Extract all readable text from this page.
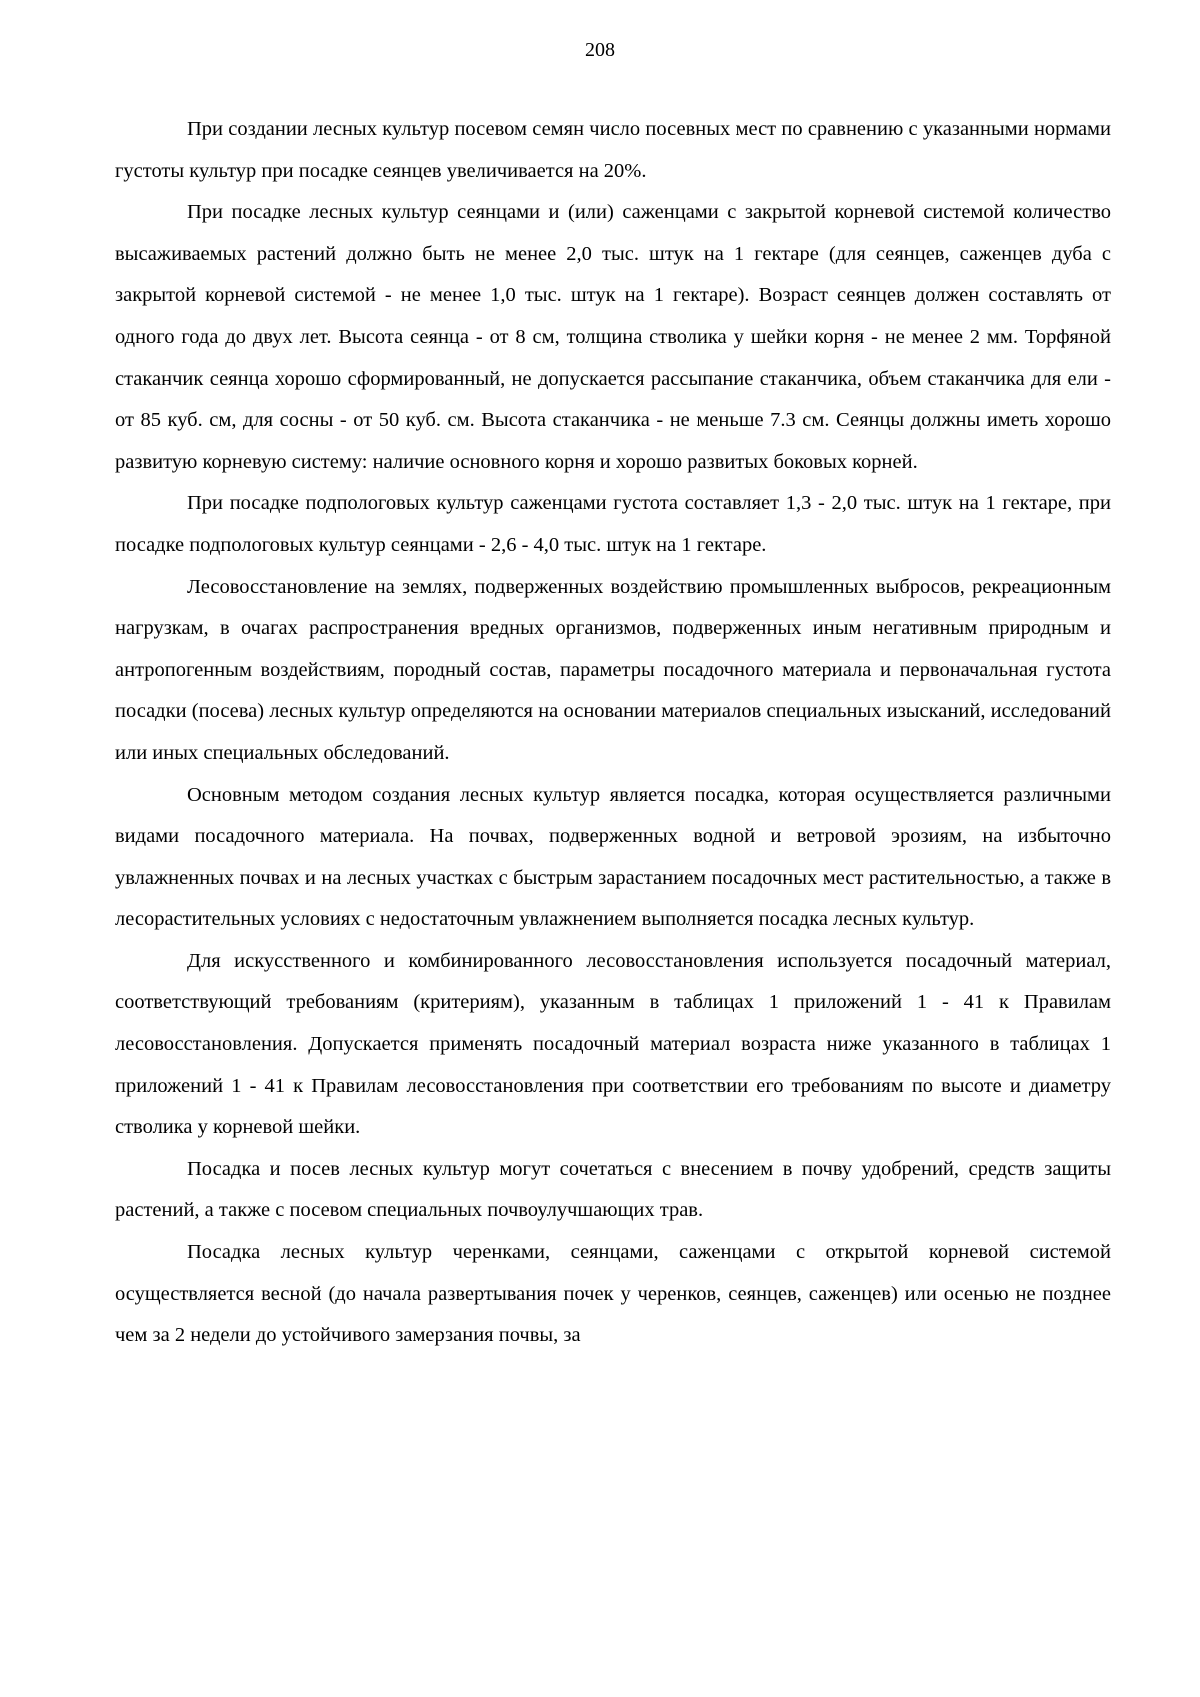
208

При создании лесных культур посевом семян число посевных мест по сравнению с указанными нормами густоты культур при посадке сеянцев увеличивается на 20%.

При посадке лесных культур сеянцами и (или) саженцами с закрытой корневой системой количество высаживаемых растений должно быть не менее 2,0 тыс. штук на 1 гектаре (для сеянцев, саженцев дуба с закрытой корневой системой - не менее 1,0 тыс. штук на 1 гектаре). Возраст сеянцев должен составлять от одного года до двух лет. Высота сеянца - от 8 см, толщина стволика у шейки корня - не менее 2 мм. Торфяной стаканчик сеянца хорошо сформированный, не допускается рассыпание стаканчика, объем стаканчика для ели - от 85 куб. см, для сосны - от 50 куб. см. Высота стаканчика - не меньше 7.3 см. Сеянцы должны иметь хорошо развитую корневую систему: наличие основного корня и хорошо развитых боковых корней.

При посадке подпологовых культур саженцами густота составляет 1,3 - 2,0 тыс. штук на 1 гектаре, при посадке подпологовых культур сеянцами - 2,6 - 4,0 тыс. штук на 1 гектаре.

Лесовосстановление на землях, подверженных воздействию промышленных выбросов, рекреационным нагрузкам, в очагах распространения вредных организмов, подверженных иным негативным природным и антропогенным воздействиям, породный состав, параметры посадочного материала и первоначальная густота посадки (посева) лесных культур определяются на основании материалов специальных изысканий, исследований или иных специальных обследований.

Основным методом создания лесных культур является посадка, которая осуществляется различными видами посадочного материала. На почвах, подверженных водной и ветровой эрозиям, на избыточно увлажненных почвах и на лесных участках с быстрым зарастанием посадочных мест растительностью, а также в лесорастительных условиях с недостаточным увлажнением выполняется посадка лесных культур.

Для искусственного и комбинированного лесовосстановления используется посадочный материал, соответствующий требованиям (критериям), указанным в таблицах 1 приложений 1 - 41 к Правилам лесовосстановления. Допускается применять посадочный материал возраста ниже указанного в таблицах 1 приложений 1 - 41 к Правилам лесовосстановления при соответствии его требованиям по высоте и диаметру стволика у корневой шейки.

Посадка и посев лесных культур могут сочетаться с внесением в почву удобрений, средств защиты растений, а также с посевом специальных почвоулучшающих трав.

Посадка лесных культур черенками, сеянцами, саженцами с открытой корневой системой осуществляется весной (до начала развертывания почек у черенков, сеянцев, саженцев) или осенью не позднее чем за 2 недели до устойчивого замерзания почвы, за
